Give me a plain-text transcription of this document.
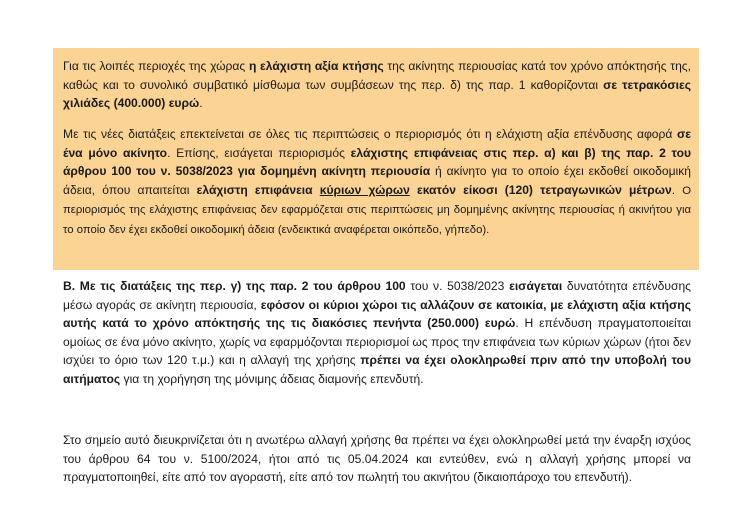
Για τις λοιπές περιοχές της χώρας η ελάχιστη αξία κτήσης της ακίνητης περιουσίας κατά τον χρόνο απόκτησής της, καθώς και το συνολικό συμβατικό μίσθωμα των συμβάσεων της περ. δ) της παρ. 1 καθορίζονται σε τετρακόσιες χιλιάδες (400.000) ευρώ.

Με τις νέες διατάξεις επεκτείνεται σε όλες τις περιπτώσεις ο περιορισμός ότι η ελάχιστη αξία επένδυσης αφορά σε ένα μόνο ακίνητο. Επίσης, εισάγεται περιορισμός ελάχιστης επιφάνειας στις περ. α) και β) της παρ. 2 του άρθρου 100 του ν. 5038/2023 για δομημένη ακίνητη περιουσία ή ακίνητο για το οποίο έχει εκδοθεί οικοδομική άδεια, όπου απαιτείται ελάχιστη επιφάνεια κύριων χώρων εκατόν είκοσι (120) τετραγωνικών μέτρων. Ο περιορισμός της ελάχιστης επιφάνειας δεν εφαρμόζεται στις περιπτώσεις μη δομημένης ακίνητης περιουσίας ή ακινήτου για το οποίο δεν έχει εκδοθεί οικοδομική άδεια (ενδεικτικά αναφέρεται οικόπεδο, γήπεδο).

Β. Με τις διατάξεις της περ. γ) της παρ. 2 του άρθρου 100 του ν. 5038/2023 εισάγεται δυνατότητα επένδυσης μέσω αγοράς σε ακίνητη περιουσία, εφόσον οι κύριοι χώροι τις αλλάζουν σε κατοικία, με ελάχιστη αξία κτήσης αυτής κατά το χρόνο απόκτησής της τις διακόσιες πενήντα (250.000) ευρώ. Η επένδυση πραγματοποιείται ομοίως σε ένα μόνο ακίνητο, χωρίς να εφαρμόζονται περιορισμοί ως προς την επιφάνεια των κύριων χώρων (ήτοι δεν ισχύει το όριο των 120 τ.μ.) και η αλλαγή της χρήσης πρέπει να έχει ολοκληρωθεί πριν από την υποβολή του αιτήματος για τη χορήγηση της μόνιμης άδειας διαμονής επενδυτή.

Στο σημείο αυτό διευκρινίζεται ότι η ανωτέρω αλλαγή χρήσης θα πρέπει να έχει ολοκληρωθεί μετά την έναρξη ισχύος του άρθρου 64 του ν. 5100/2024, ήτοι από τις 05.04.2024 και εντεύθεν, ενώ η αλλαγή χρήσης μπορεί να πραγματοποιηθεί, είτε από τον αγοραστή, είτε από τον πωλητή του ακινήτου (δικαιοπάροχο του επενδυτή).
